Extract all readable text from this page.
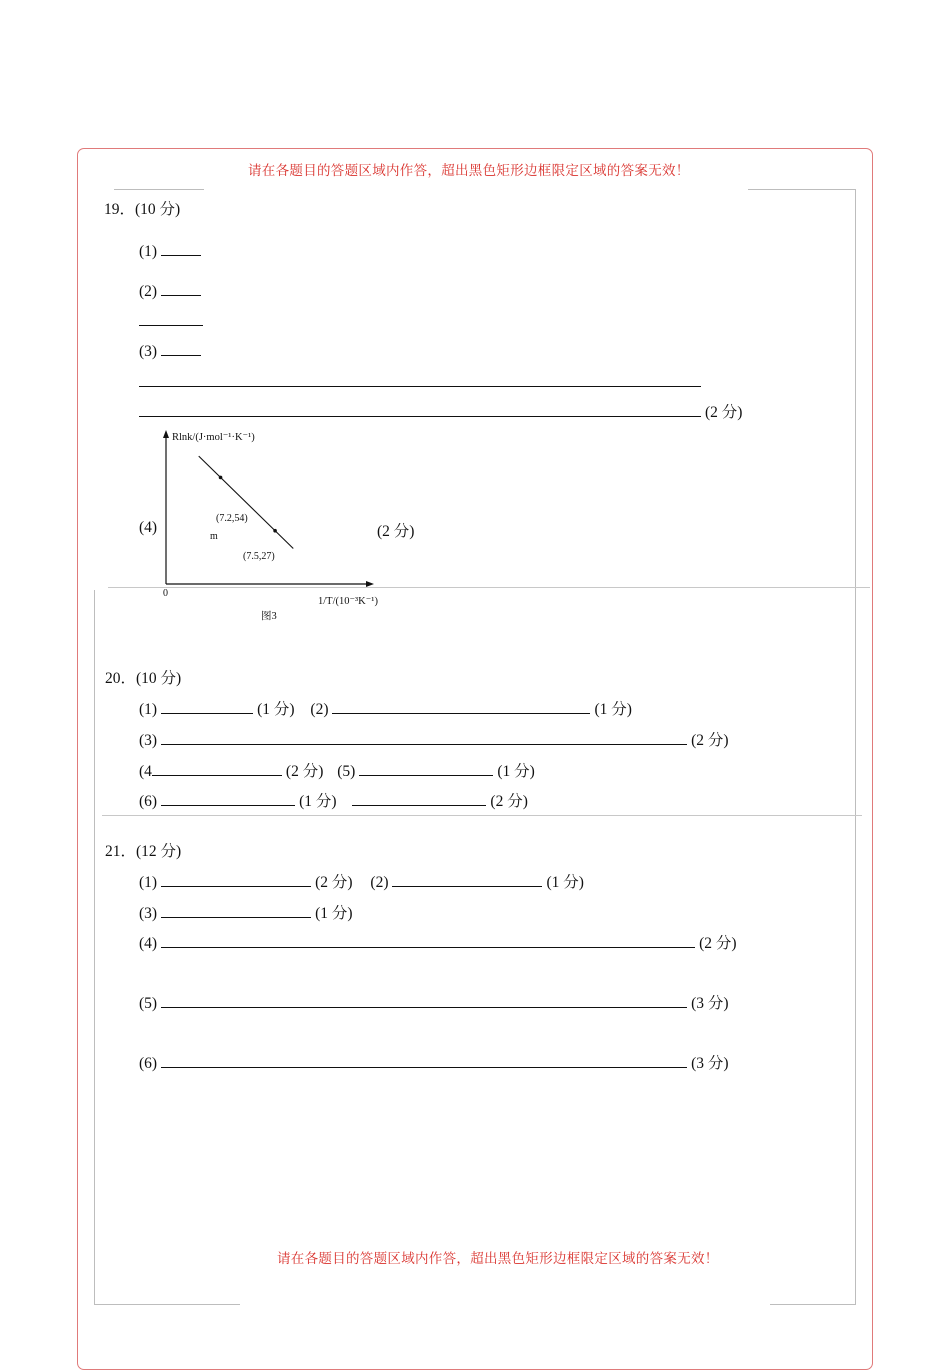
请在各题目的答题区域内作答，超出黑色矩形边框限定区域的答案无效！
19．(10 分)
(1)
(2)
(3)
(2 分)
(4)	(2 分)
Rlnk/(J·mol⁻¹·K⁻¹)
0
1/T/(10⁻³K⁻¹)
图3
m
(7.2,54)
(7.5,27)
20．(10 分)
(1)	(1 分) (2)	(1 分)
(3)	(2 分)
(4	(2 分) (5)	(1 分)
(6)	(1 分)	(2 分)
21．(12 分)
(1)	(2 分) (2)	(1 分)
(3)	(1 分)
(4)	(2 分)
(5)	(3 分)
(6)	(3 分)
请在各题目的答题区域内作答，超出黑色矩形边框限定区域的答案无效！
